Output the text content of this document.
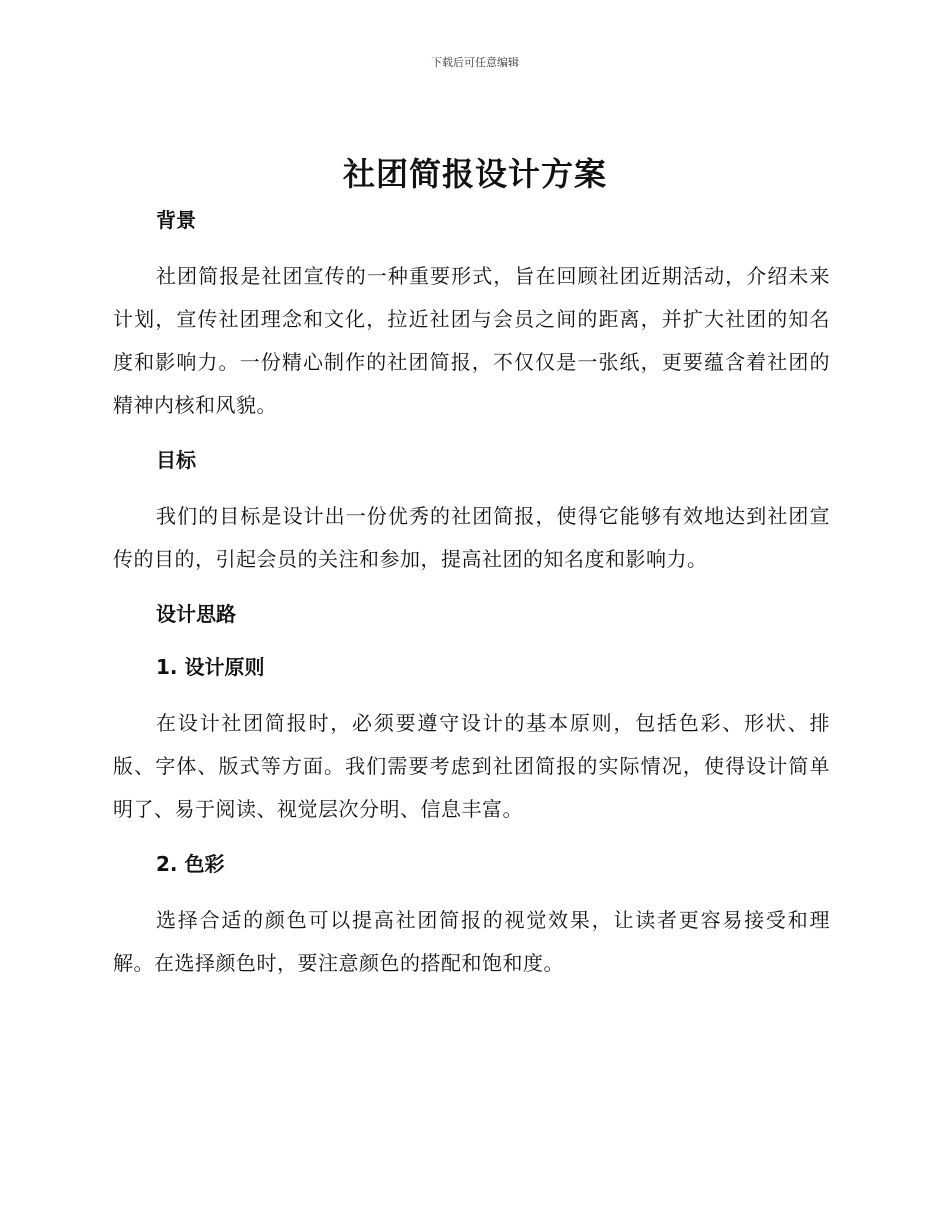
下载后可任意编辑
社团简报设计方案
背景

社团简报是社团宣传的一种重要形式，旨在回顾社团近期活动，介绍未来计划，宣传社团理念和文化，拉近社团与会员之间的距离，并扩大社团的知名度和影响力。一份精心制作的社团简报，不仅仅是一张纸，更要蕴含着社团的精神内核和风貌。

目标

我们的目标是设计出一份优秀的社团简报，使得它能够有效地达到社团宣传的目的，引起会员的关注和参加，提高社团的知名度和影响力。

设计思路
1. 设计原则

在设计社团简报时，必须要遵守设计的基本原则，包括色彩、形状、排版、字体、版式等方面。我们需要考虑到社团简报的实际情况，使得设计简单明了、易于阅读、视觉层次分明、信息丰富。

2. 色彩

选择合适的颜色可以提高社团简报的视觉效果，让读者更容易接受和理解。在选择颜色时，要注意颜色的搭配和饱和度。
